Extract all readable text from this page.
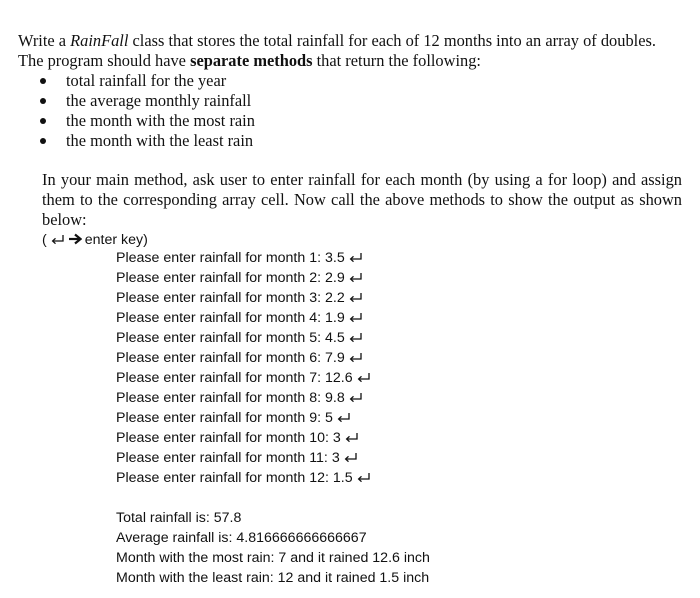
Write a RainFall class that stores the total rainfall for each of 12 months into an array of doubles. The program should have separate methods that return the following:

total rainfall for the year
the average monthly rainfall
the month with the most rain
the month with the least rain

In your main method, ask user to enter rainfall for each month (by using a for loop) and assign them to the corresponding array cell. Now call the above methods to show the output as shown below:

(	enter key)
Please enter rainfall for month 1: 3.5
Please enter rainfall for month 2: 2.9
Please enter rainfall for month 3: 2.2
Please enter rainfall for month 4: 1.9
Please enter rainfall for month 5: 4.5
Please enter rainfall for month 6: 7.9
Please enter rainfall for month 7: 12.6
Please enter rainfall for month 8: 9.8
Please enter rainfall for month 9: 5
Please enter rainfall for month 10: 3
Please enter rainfall for month 11: 3
Please enter rainfall for month 12: 1.5
Total rainfall is: 57.8
Average rainfall is: 4.816666666666667
Month with the most rain: 7 and it rained 12.6 inch
Month with the least rain: 12 and it rained 1.5 inch
